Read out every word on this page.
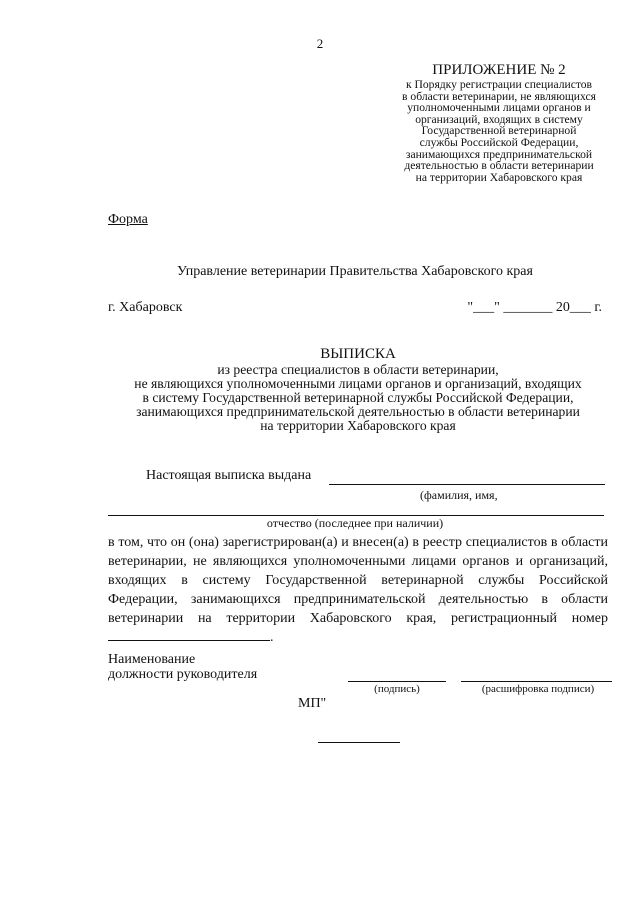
2
ПРИЛОЖЕНИЕ № 2
к Порядку регистрации специалистов
в области ветеринарии, не являющихся
уполномоченными лицами органов и
организаций, входящих в систему
Государственной ветеринарной
службы Российской Федерации,
занимающихся предпринимательской
деятельностью в области ветеринарии
на территории Хабаровского края
Форма
Управление ветеринарии Правительства Хабаровского края
г. Хабаровск	"___" _______ 20___ г.
ВЫПИСКА
из реестра специалистов в области ветеринарии,
не являющихся уполномоченными лицами органов и организаций, входящих
в систему Государственной ветеринарной службы Российской Федерации,
занимающихся предпринимательской деятельностью в области ветеринарии
на территории Хабаровского края
Настоящая выписка выдана
(фамилия, имя,
отчество (последнее при наличии)
в том, что он (она) зарегистрирован(а) и внесен(а) в реестр специалистов в области ветеринарии, не являющихся уполномоченными лицами органов и организаций, входящих в систему Государственной ветеринарной службы Российской Федерации, занимающихся предпринимательской деятельностью в области ветеринарии на территории Хабаровского края, регистрационный номер .
Наименование
должности руководителя
(подпись)	(расшифровка подписи)
МП"
